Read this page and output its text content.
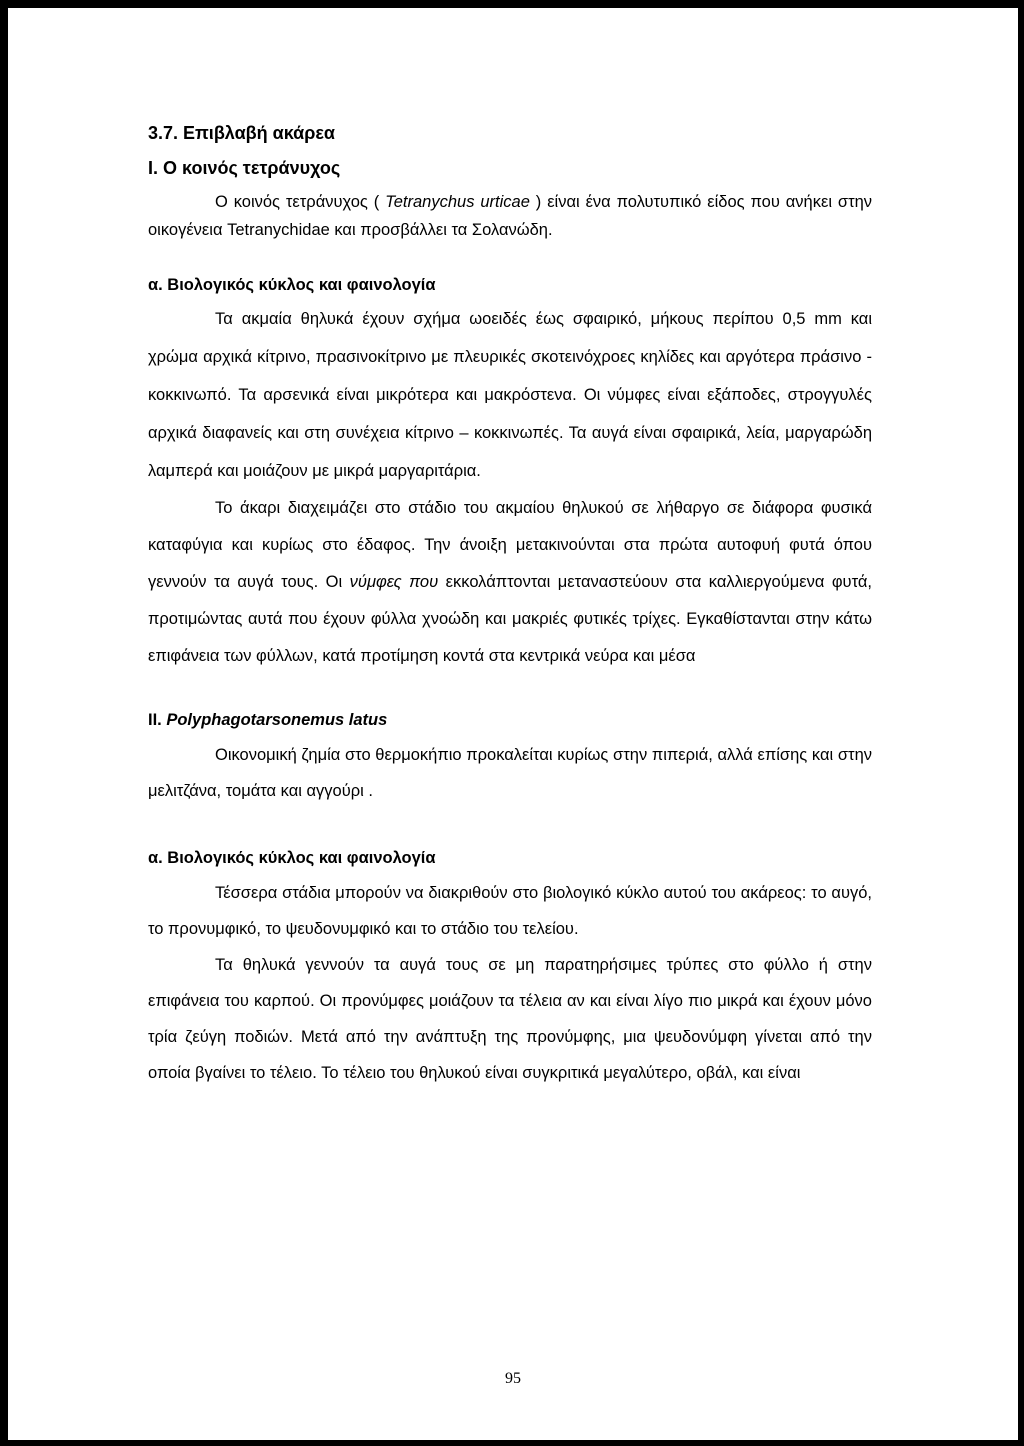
3.7. Επιβλαβή ακάρεα
Ι. Ο κοινός τετράνυχος

Ο κοινός τετράνυχος ( Tetranychus urticae ) είναι ένα πολυτυπικό είδος που ανήκει στην οικογένεια Tetranychidae και προσβάλλει τα Σολανώδη.

α. Βιολογικός κύκλος και φαινολογία

Τα ακμαία θηλυκά έχουν σχήμα ωοειδές έως σφαιρικό, μήκους περίπου 0,5 mm και χρώμα αρχικά κίτρινο, πρασινοκίτρινο με πλευρικές σκοτεινόχροες κηλίδες και αργότερα πράσινο - κοκκινωπό. Τα αρσενικά είναι μικρότερα και μακρόστενα. Οι νύμφες είναι εξάποδες, στρογγυλές αρχικά διαφανείς και στη συνέχεια κίτρινο – κοκκινωπές. Τα αυγά είναι σφαιρικά, λεία, μαργαρώδη λαμπερά και μοιάζουν με μικρά μαργαριτάρια.

Το άκαρι διαχειμάζει στο στάδιο του ακμαίου θηλυκού σε λήθαργο σε διάφορα φυσικά καταφύγια και κυρίως στο έδαφος. Την άνοιξη μετακινούνται στα πρώτα αυτοφυή φυτά όπου γεννούν τα αυγά τους. Οι νύμφες που εκκολάπτονται μεταναστεύουν στα καλλιεργούμενα φυτά, προτιμώντας αυτά που έχουν φύλλα χνοώδη και μακριές φυτικές τρίχες. Εγκαθίστανται στην κάτω επιφάνεια των φύλλων, κατά προτίμηση κοντά στα κεντρικά νεύρα και μέσα

ΙΙ. Polyphagotarsonemus latus

Οικονομική ζημία στο θερμοκήπιο προκαλείται κυρίως στην πιπεριά, αλλά επίσης και στην μελιτζάνα, τομάτα και αγγούρι .

α. Βιολογικός κύκλος και φαινολογία

Τέσσερα στάδια μπορούν να διακριθούν στο βιολογικό κύκλο αυτού του ακάρεος: το αυγό, το προνυμφικό, το ψευδονυμφικό και το στάδιο του τελείου.

Τα θηλυκά γεννούν τα αυγά τους σε μη παρατηρήσιμες τρύπες στο φύλλο ή στην επιφάνεια του καρπού. Οι προνύμφες μοιάζουν τα τέλεια αν και είναι λίγο πιο μικρά και έχουν μόνο τρία ζεύγη ποδιών. Μετά από την ανάπτυξη της προνύμφης, μια ψευδονύμφη γίνεται από την οποία βγαίνει το τέλειο. Το τέλειο του θηλυκού είναι συγκριτικά μεγαλύτερο, οβάλ, και είναι

95
